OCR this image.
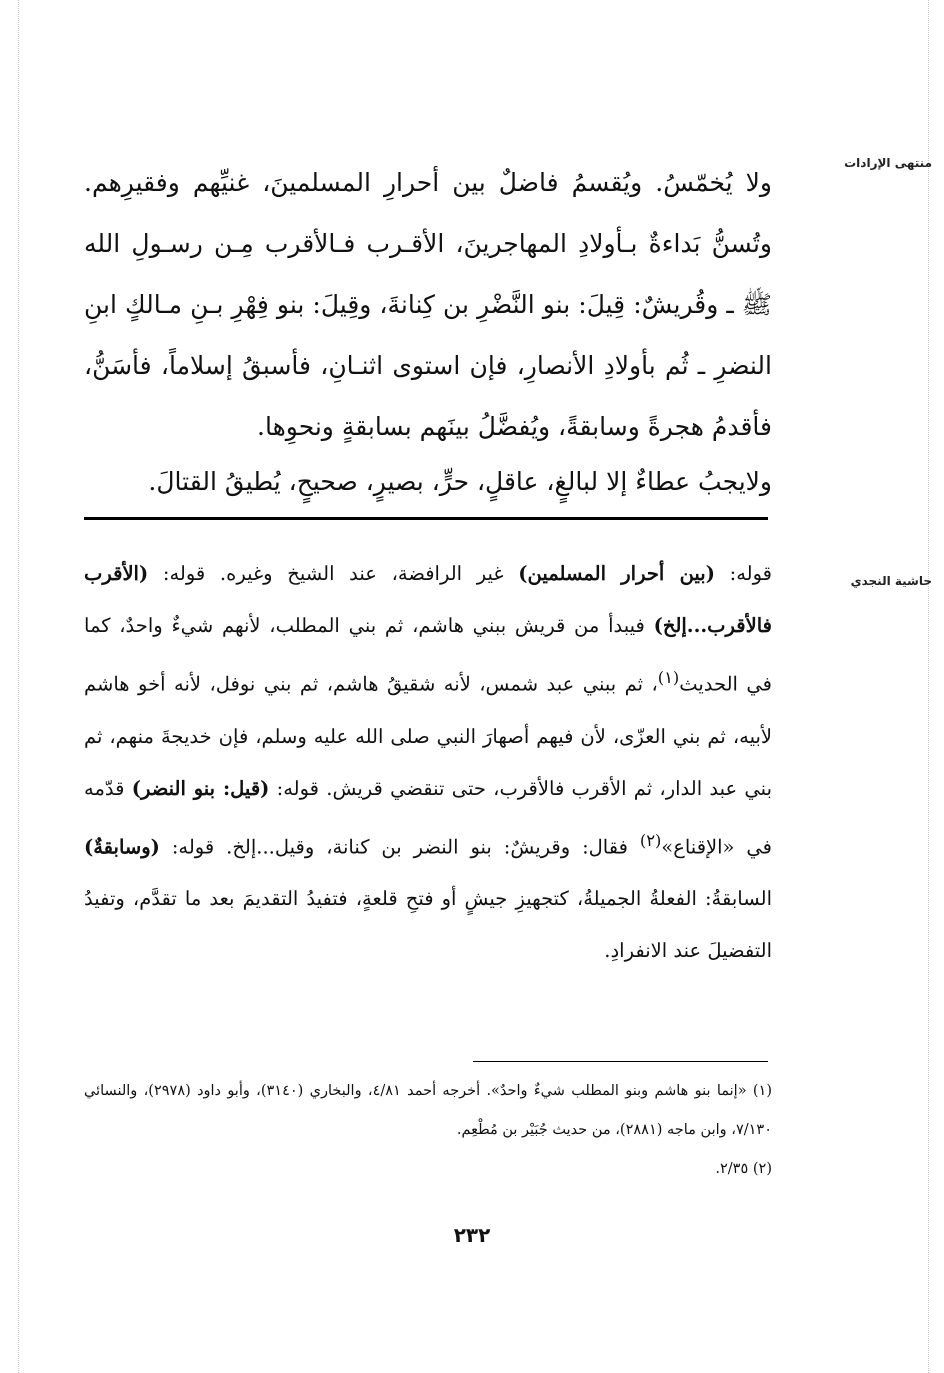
منتهى الإرادات
حاشية النجدي

ولا يُخمّسُ. ويُقسمُ فاضلٌ بين أحرارِ المسلمينَ، غنيِّهم وفقيرِهم. وتُسنُّ بَداءةٌ بـأولادِ المهاجرينَ، الأقـرب فـالأقرب مِـن رسـولِ الله ﷺ ـ وقُريشٌ: قِيلَ: بنو النَّضْرِ بن كِنانةَ، وقِيلَ: بنو فِهْرِ بـنِ مـالكٍ ابنِ النضرِ ـ ثُم بأولادِ الأنصارِ، فإن استوى اثنـانِ، فأسبقُ إسلاماً، فأسَنُّ، فأقدمُ هجرةً وسابقةً، ويُفضَّلُ بينَهم بسابقةٍ ونحوِها.

ولايجبُ عطاءٌ إلا لبالغٍ، عاقلٍ، حرٍّ، بصيرٍ، صحيحٍ، يُطيقُ القتالَ.

قوله: (بين أحرار المسلمين) غير الرافضة، عند الشيخ وغيره. قوله: (الأقرب فالأقرب...إلخ) فيبدأ من قريش ببني هاشم، ثم بني المطلب، لأنهم شيءٌ واحدٌ، كما في الحديث$^{(١)}$، ثم ببني عبد شمس، لأنه شقيقُ هاشم، ثم بني نوفل، لأنه أخو هاشم لأبيه، ثم بني العزّى، لأن فيهم أصهارَ النبي صلى الله عليه وسلم، فإن خديجةَ منهم، ثم بني عبد الدار، ثم الأقرب فالأقرب، حتى تنقضي قريش. قوله: (قيل: بنو النضر) قدّمه في «الإقناع»$^{(٢)}$ فقال: وقريشٌ: بنو النضر بن كنانة، وقيل...إلخ. قوله: (وسابقةٌ) السابقةُ: الفعلةُ الجميلةُ، كتجهيزِ جيشٍ أو فتحِ قلعةٍ، فتفيدُ التقديمَ بعد ما تقدَّم، وتفيدُ التفضيلَ عند الانفرادِ.

(١) «إنما بنو هاشم وبنو المطلب شيءٌ واحدٌ». أخرجه أحمد ٤/٨١، والبخاري (٣١٤٠)، وأبو داود (٢٩٧٨)، والنسائي ٧/١٣٠، وابن ماجه (٢٨٨١)، من حديث جُبَيْر بن مُطْعِم.

(٢) ٢/٣٥.

٢٣٢
